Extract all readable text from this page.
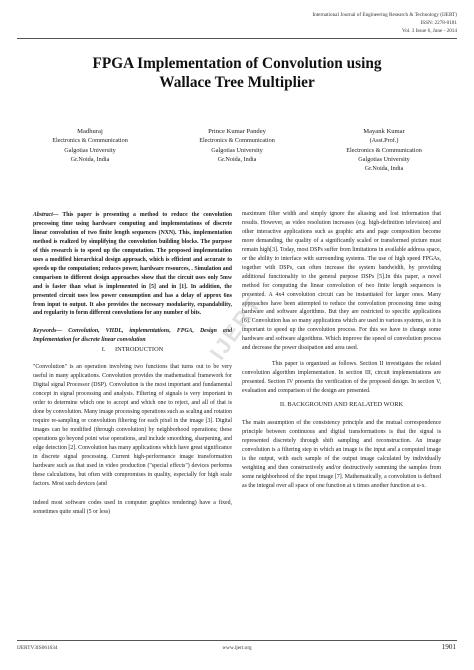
International Journal of Engineering Research & Technology (IJERT)
ISSN: 2278-0181
Vol. 3 Issue 6, June - 2014
FPGA Implementation of Convolution using
Wallace Tree Multiplier
Madhuraj
Electronics & Communication
Galgotias University
Gr.Noida, India
Prince Kumar Pandey
Electronics & Communication
Galgotias University
Gr.Noida, India
Mayank Kumar
(Asst.Prof.)
Electronics & Communication
Galgotias University
Gr.Noida, India

Abstract— This paper is presenting a method to reduce the convolution processing time using hardware computing and implementations of discrete linear convolution of two finite length sequences (NXN). This, implementation method is realized by simplifying the convolution building blocks. The purpose of this research is to speed up the computation. The proposed implementation uses a modified hierarchical design approach, which is efficient and accurate to speeds up the computation; reduces power, hardware resources, . Simulation and comparison to different design approaches show that the circuit uses only 5mw and is faster than what is implemented in [5] and in [1]. In addition, the presented circuit uses less power consumption and has a delay of approx 6ns from input to output. It also provides the necessary modularity, expandability, and regularity to form different convolutions for any number of bits.

Keywords— Convolution, VHDL, implementations, FPGA, Design and Implementation for discrete linear convolution

I.      INTRODUCTION

"Convolution" is an operation involving two functions that turns out to be very useful in many applications. Convolution provides the mathematical framework for Digital signal Processor (DSP). Convolution is the most important and fundamental concept in signal processing and analysis. Filtering of signals is very important in order to determine which one to accept and which one to reject, and all of that is done by convolution. Many image processing operations such as scaling and rotation require re-sampling or convolution filtering for each pixel in the image [3]. Digital images can be modified (through convolution) by neighborhood operations; these operations go beyond point wise operations, and include smoothing, sharpening, and edge detection [2]. Convolution has many applications which have great significance in discrete signal processing. Current high-performance image transformation hardware such as that used in video production ("special effects") devices performs these calculations, but often with compromises in quality, especially for high scale factors. Most such devices (and

indeed most software codes used in computer graphics rendering) have a fixed, sometimes quite small (5 or less)

maximum filter width and simply ignore the aliasing and lost information that results. However, as video resolution increases (e.g. high-definition television) and other interactive applications such as graphic arts and page composition become more demanding, the quality of a significantly scaled or transformed picture must remain high[3]. Today, most DSPs suffer from limitations in available address space, or the ability to interface with surrounding systems. The use of high speed FPGAs, together with DSPs, can often increase the system bandwidth, by providing additional functionality to the general purpose DSPs [5].In this paper, a novel method for computing the linear convolution of two finite length sequences is presented. A 4x4 convolution circuit can be instantiated for larger ones. Many approaches have been attempted to reduce the convolution processing time using hardware and software algorithms. But they are restricted to specific applications [6]. Convolution has so many applications which are used in various systems, so it is important to speed up the convolution process. For this we have to change some hardware and software algorithms. Which improve the speed of convolution process and decrease the power dissipation and area used.

This paper is organized as follows. Section II investigates the related convolution algorithm implementation. In section III, circuit implementations are presented. Section IV presents the verification of the proposed design. In section V, evaluation and comparison of the design are presented.

II. BACKGROUND AND REALATED WORK

The main assumption of the consistency principle and the mutual correspondence principle between continuous and digital transformations is that the signal is represented discretely through shift sampling and reconstruction. An image convolution is a filtering step in which an image is the input and a computed image is the output, with each sample of the output image calculated by individually weighting and then constructively and/or destructively summing the samples from some neighborhood of the input image [7]. Mathematically, a convolution is defined as the integral over all space of one function at x times another function at u-x.

IJERT
IJERTV3IS061634	www.ijert.org	1901
